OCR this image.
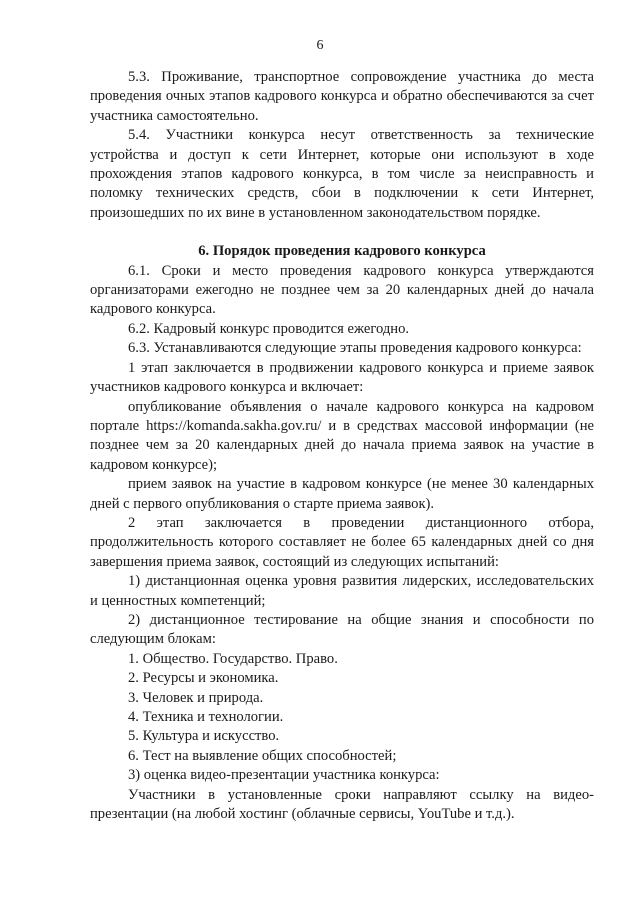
6

5.3. Проживание, транспортное сопровождение участника до места проведения очных этапов кадрового конкурса и обратно обеспечиваются за счет участника самостоятельно.

5.4. Участники конкурса несут ответственность за технические устройства и доступ к сети Интернет, которые они используют в ходе прохождения этапов кадрового конкурса, в том числе за неисправность и поломку технических средств, сбои в подключении к сети Интернет, произошедших по их вине в установленном законодательством порядке.

6. Порядок проведения кадрового конкурса

6.1. Сроки и место проведения кадрового конкурса утверждаются организаторами ежегодно не позднее чем за 20 календарных дней до начала кадрового конкурса.

6.2. Кадровый конкурс проводится ежегодно.

6.3. Устанавливаются следующие этапы проведения кадрового конкурса:

1 этап заключается в продвижении кадрового конкурса и приеме заявок участников кадрового конкурса и включает:

опубликование объявления о начале кадрового конкурса на кадровом портале https://komanda.sakha.gov.ru/ и в средствах массовой информации (не позднее чем за 20 календарных дней до начала приема заявок на участие в кадровом конкурсе);

прием заявок на участие в кадровом конкурсе (не менее 30 календарных дней с первого опубликования о старте приема заявок).

2 этап заключается в проведении дистанционного отбора, продолжительность которого составляет не более 65 календарных дней со дня завершения приема заявок, состоящий из следующих испытаний:

1) дистанционная оценка уровня развития лидерских, исследовательских и ценностных компетенций;

2) дистанционное тестирование на общие знания и способности по следующим блокам:

1. Общество. Государство. Право.

2. Ресурсы и экономика.

3. Человек и природа.

4. Техника и технологии.

5. Культура и искусство.

6. Тест на выявление общих способностей;

3) оценка видео-презентации участника конкурса:

Участники в установленные сроки направляют ссылку на видео-презентации (на любой хостинг (облачные сервисы, YouTube и т.д.).
